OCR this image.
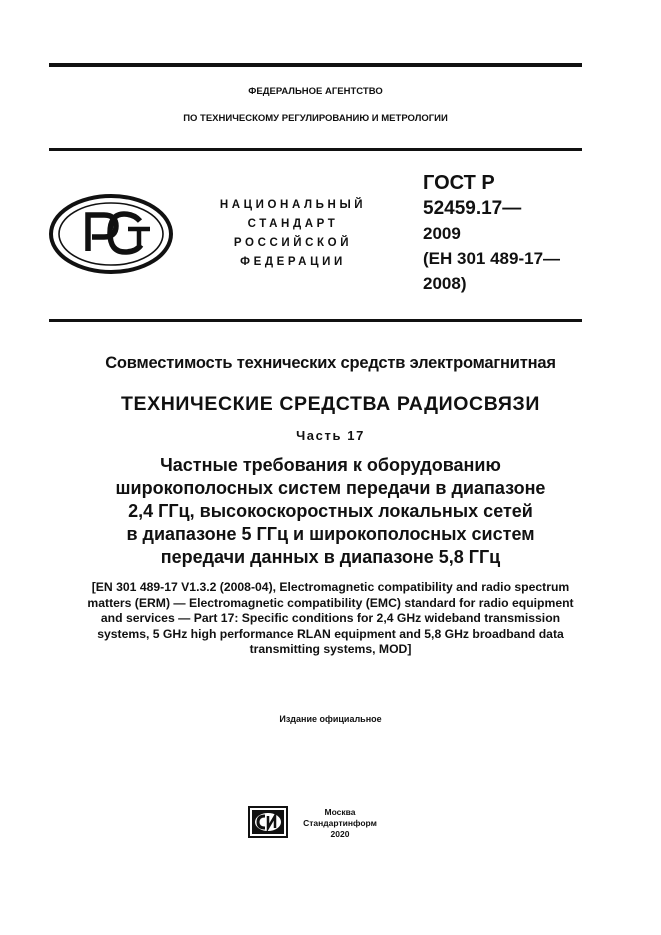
ФЕДЕРАЛЬНОЕ АГЕНТСТВО
ПО ТЕХНИЧЕСКОМУ РЕГУЛИРОВАНИЮ И МЕТРОЛОГИИ
НАЦИОНАЛЬНЫЙ
СТАНДАРТ
РОССИЙСКОЙ
ФЕДЕРАЦИИ
ГОСТ Р
52459.17—
2009
(ЕН 301 489-17—
2008)
Совместимость технических средств электромагнитная
ТЕХНИЧЕСКИЕ СРЕДСТВА РАДИОСВЯЗИ
Часть 17
Частные требования к оборудованию
широкополосных систем передачи в диапазоне
2,4 ГГц, высокоскоростных локальных сетей
в диапазоне 5 ГГц и широкополосных систем
передачи данных в диапазоне 5,8 ГГц
[EN 301 489-17 V1.3.2 (2008-04), Electromagnetic compatibility and radio spectrum
matters (ERM) — Electromagnetic compatibility (EMC) standard for radio equipment
and services — Part 17: Specific conditions for 2,4 GHz wideband transmission
systems, 5 GHz high performance RLAN equipment and 5,8 GHz broadband data
transmitting systems, MOD]
Издание официальное
Москва
Стандартинформ
2020
